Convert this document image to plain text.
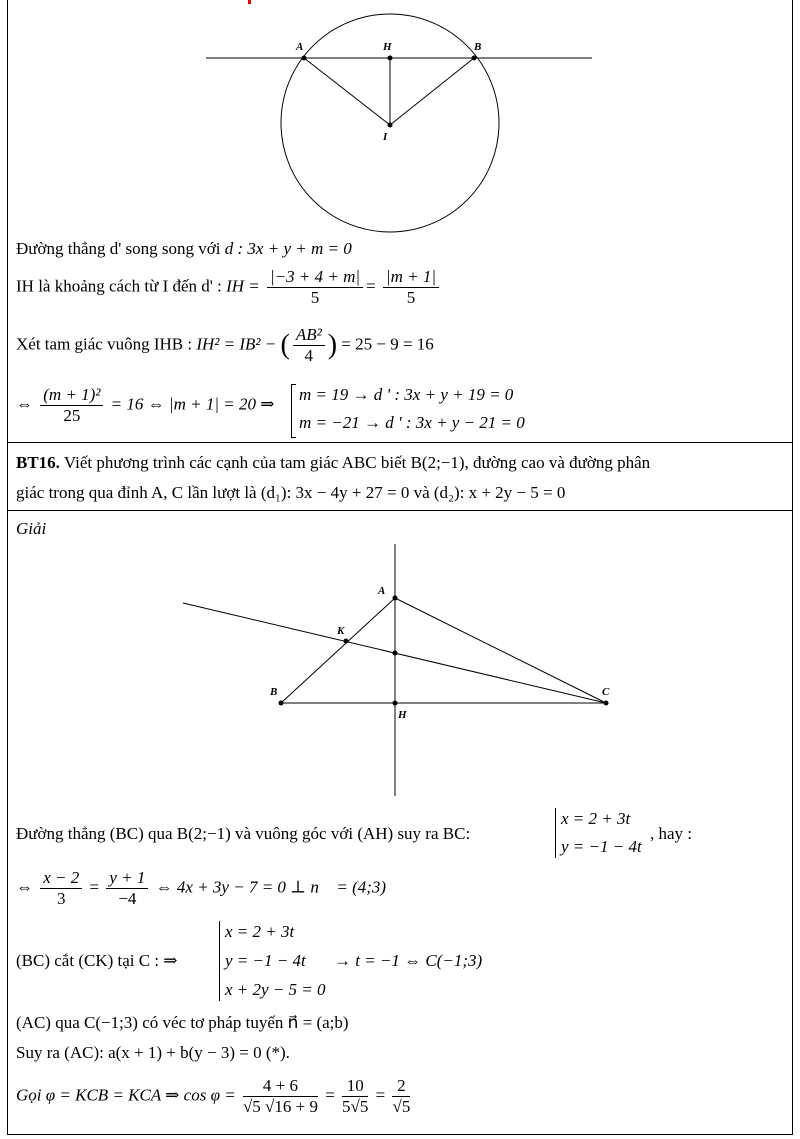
A	H	B
I
Đường thẳng d' song song với d : 3x + y + m = 0
IH là khoảng cách từ I đến d' : IH = $\frac{|-3 + 4 + m|}{5} = \frac{|m + 1|}{5}$
Xét tam giác vuông IHB : IH² = IB² − ( $\frac{\text{AB²}}{4}$ ) = 25 − 9 = 16
⇔ $\frac{\text{(m + 1)²}}{25} = 16$ ⇔ |m + 1| = 20 ⇒ m = 19 → d ' : 3x + y + 19 = 0
m = −21 → d ' : 3x + y − 21 = 0
BT16. Viết phương trình các cạnh của tam giác ABC biết B(2;−1), đường cao và đường phân
giác trong qua đỉnh A, C lần lượt là (d₁): 3x − 4y + 27 = 0 và (d₂): x + 2y − 5 = 0
Giải
A
K
B
H
C
Đường thẳng (BC) qua B(2;−1) và vuông góc với (AH) suy ra BC:
x = 2 + 3t
y = −1 − 4t
, hay :
⇔ $\frac{x - 2}{3} = \frac{y + 1}{-4}$ ⇔ 4x + 3y − 7 = 0 ⊥ n⃗ = (4;3)
(BC) cắt (CK) tại C : ⇒
x = 2 + 3t
y = −1 − 4t
x + 2y − 5 = 0
→ t = −1 ⇔ C(−1;3)
(AC) qua C(−1;3) có véc tơ pháp tuyến n⃗ = (a;b)
Suy ra (AC): a(x + 1) + b(y − 3) = 0 (*).
Gọi φ = KCB = KCA ⇒ $\cos \varphi = \frac{4 + 6}{√5 √16 + 9} = \frac{10}{5√5} = \frac{2}{√5}$
